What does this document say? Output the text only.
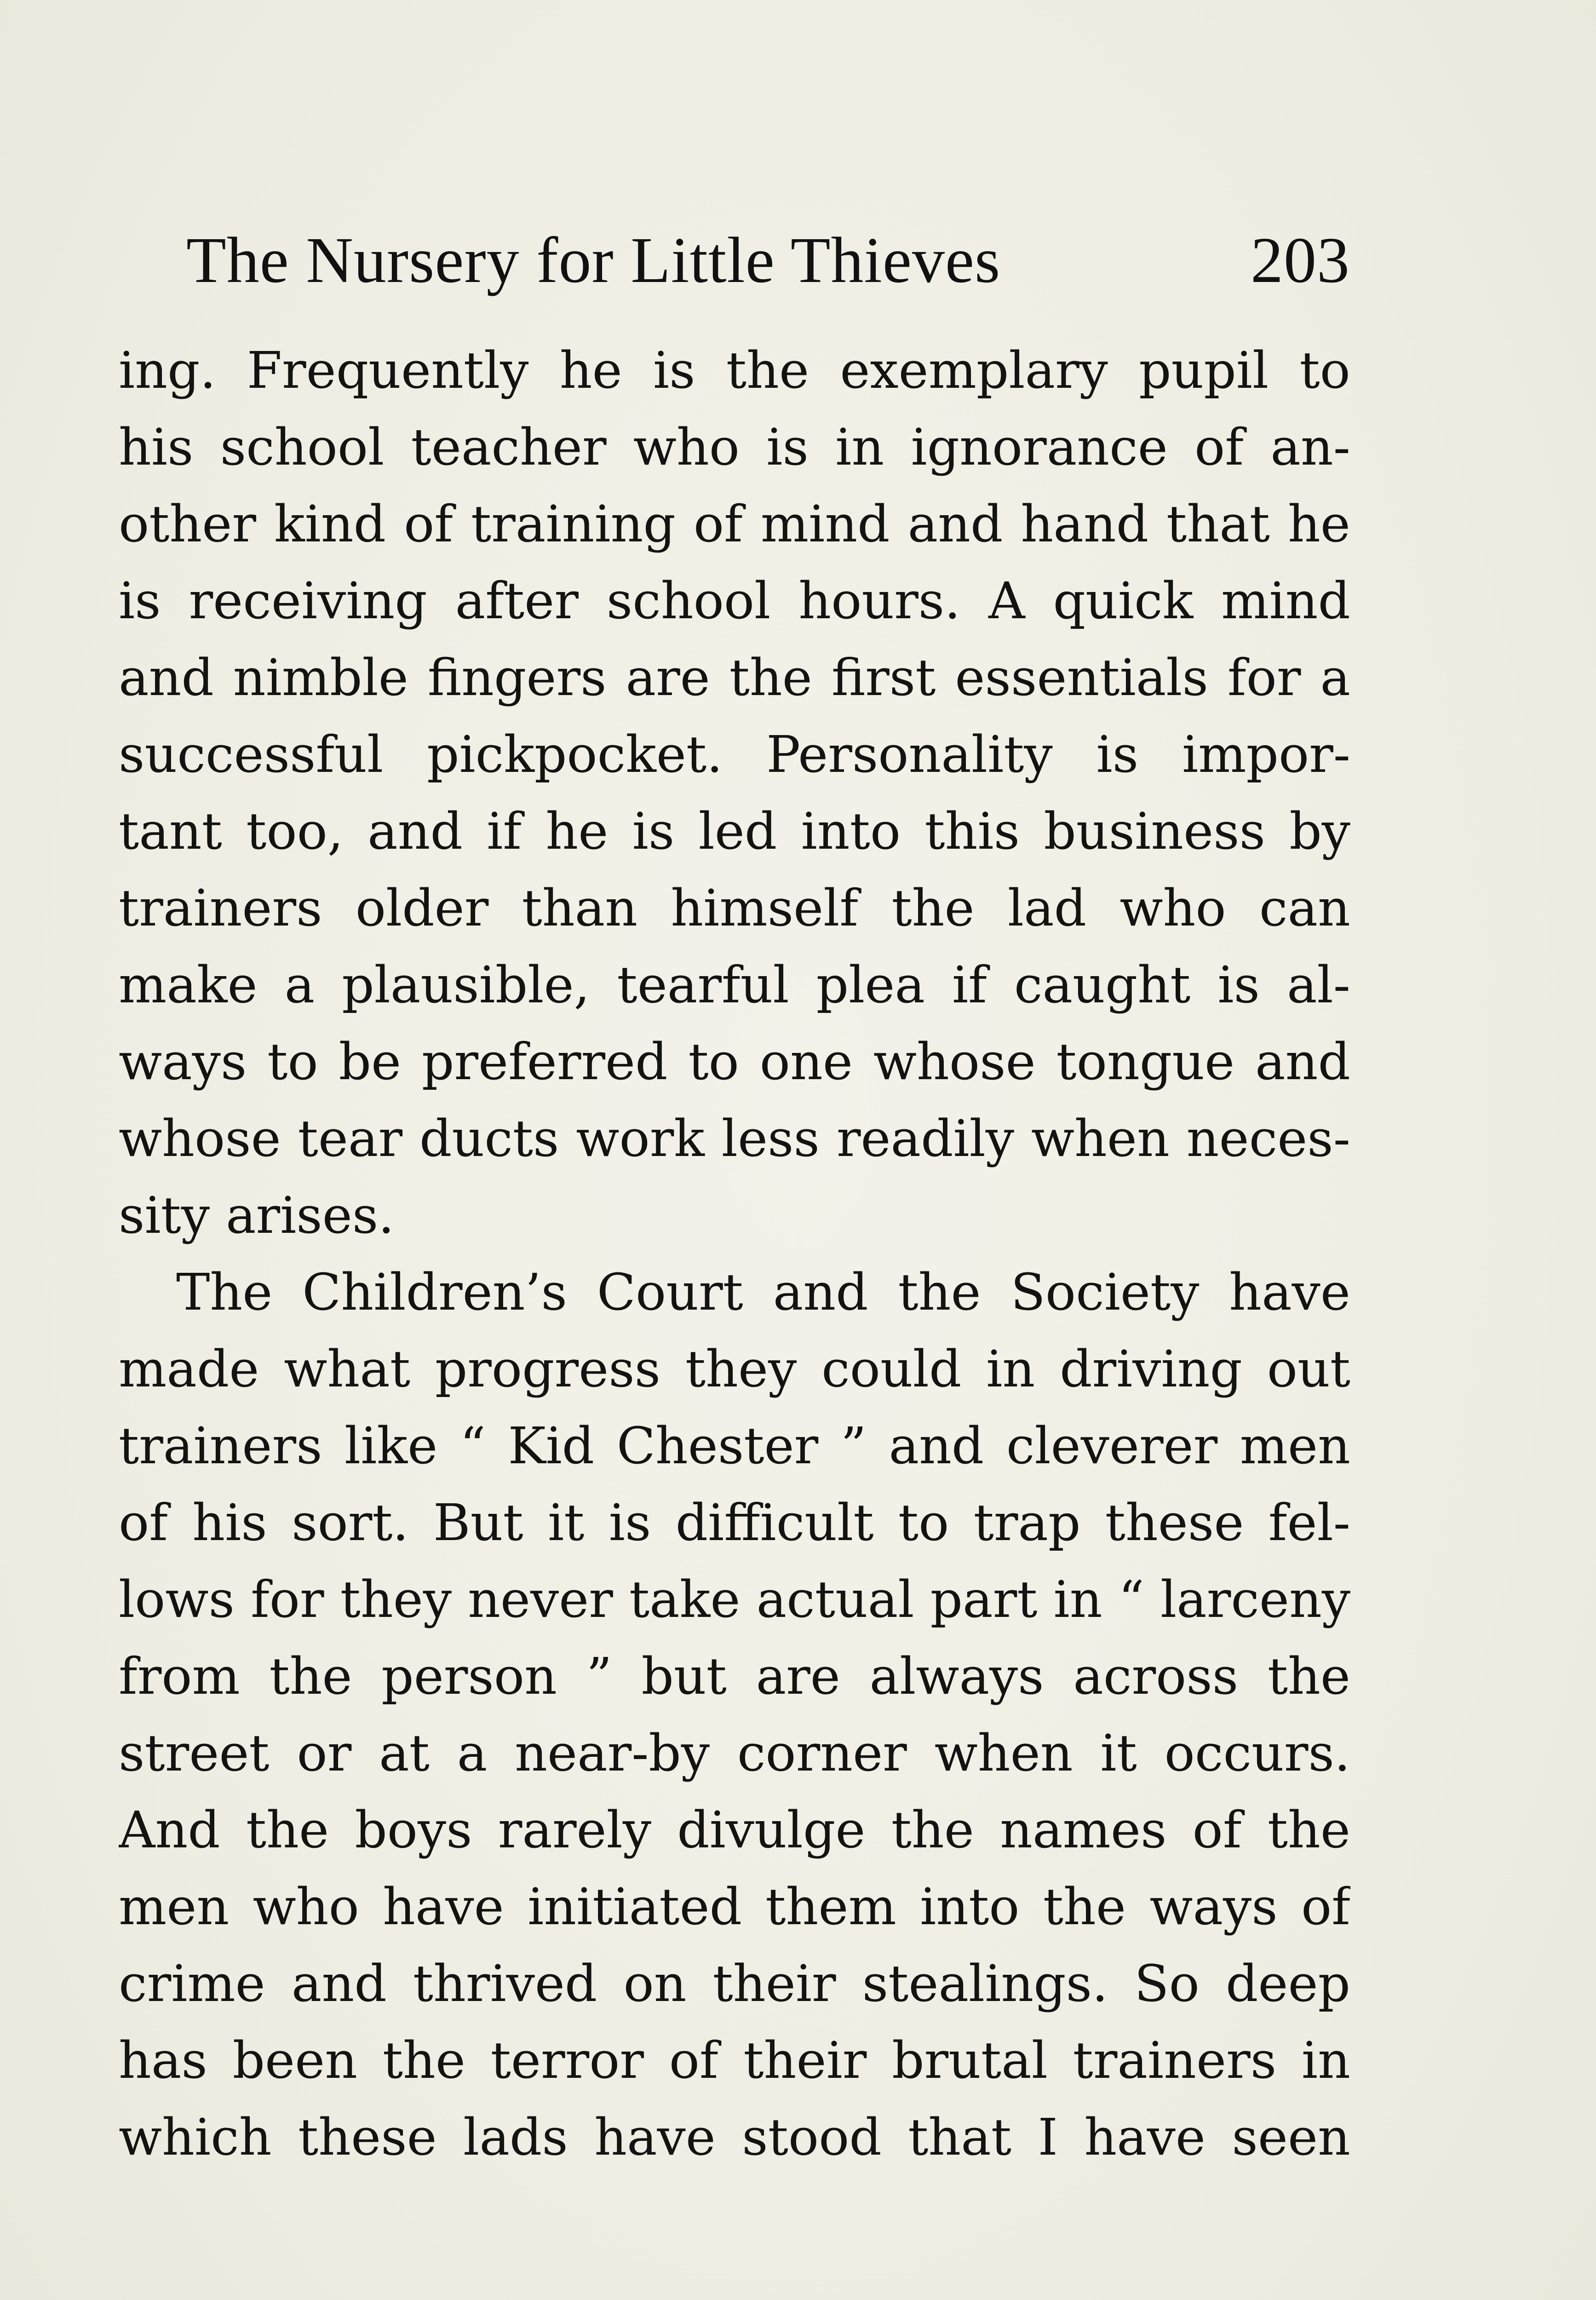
The Nursery for Little Thieves	203
ing. Frequently he is the exemplary pupil to
his school teacher who is in ignorance of an-
other kind of training of mind and hand that he
is receiving after school hours. A quick mind
and nimble fingers are the first essentials for a
successful pickpocket. Personality is impor-
tant too, and if he is led into this business by
trainers older than himself the lad who can
make a plausible, tearful plea if caught is al-
ways to be preferred to one whose tongue and
whose tear ducts work less readily when neces-
sity arises.
The Children’s Court and the Society have
made what progress they could in driving out
trainers like “ Kid Chester ” and cleverer men
of his sort. But it is difficult to trap these fel-
lows for they never take actual part in “ larceny
from the person ” but are always across the
street or at a near-by corner when it occurs.
And the boys rarely divulge the names of the
men who have initiated them into the ways of
crime and thrived on their stealings. So deep
has been the terror of their brutal trainers in
which these lads have stood that I have seen
